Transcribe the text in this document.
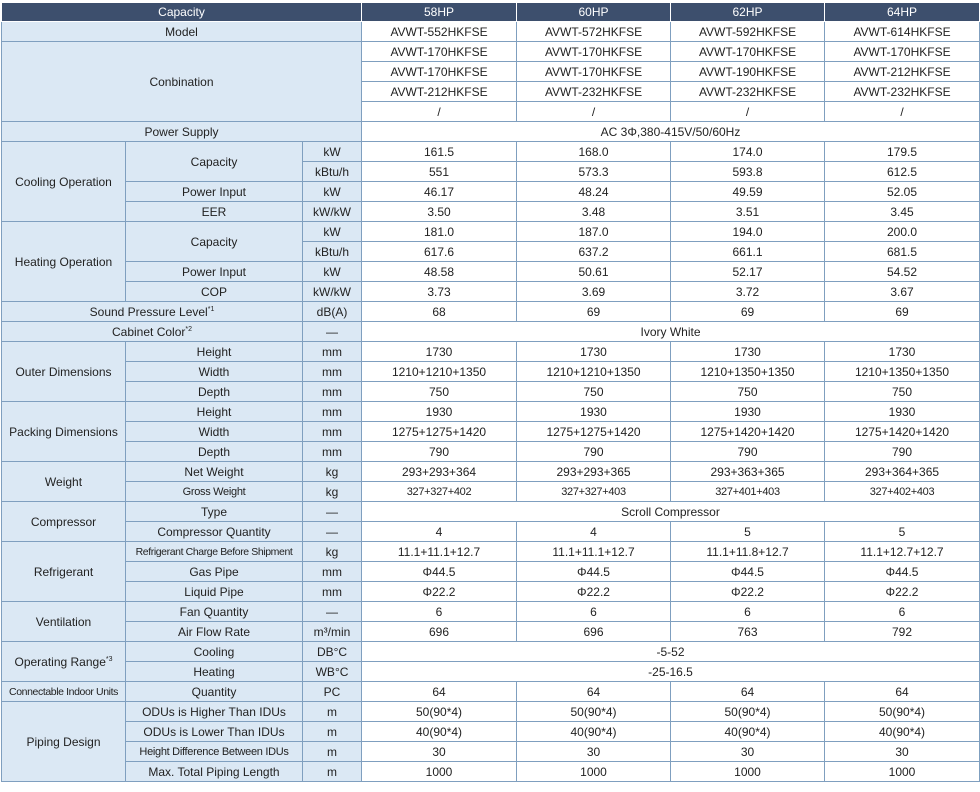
Capacity			58HP	60HP	62HP	64HP
Model			AVWT-552HKFSE	AVWT-572HKFSE	AVWT-592HKFSE	AVWT-614HKFSE
Conbination			AVWT-170HKFSE	AVWT-170HKFSE	AVWT-170HKFSE	AVWT-170HKFSE
			AVWT-170HKFSE	AVWT-170HKFSE	AVWT-190HKFSE	AVWT-212HKFSE
			AVWT-212HKFSE	AVWT-232HKFSE	AVWT-232HKFSE	AVWT-232HKFSE
			/	/	/	/
Power Supply			AC 3Φ,380-415V/50/60Hz			
Cooling Operation	Capacity	kW	161.5	168.0	174.0	179.5
		kBtu/h	551	573.3	593.8	612.5
	Power Input	kW	46.17	48.24	49.59	52.05
	EER	kW/kW	3.50	3.48	3.51	3.45
Heating Operation	Capacity	kW	181.0	187.0	194.0	200.0
		kBtu/h	617.6	637.2	661.1	681.5
	Power Input	kW	48.58	50.61	52.17	54.52
	COP	kW/kW	3.73	3.69	3.72	3.67
Sound Pressure Level$^{*1}$		dB(A)	68	69	69	69
Cabinet Color$^{*2}$		—	Ivory White			
Outer Dimensions	Height	mm	1730	1730	1730	1730
	Width	mm	1210+1210+1350	1210+1210+1350	1210+1350+1350	1210+1350+1350
	Depth	mm	750	750	750	750
Packing Dimensions	Height	mm	1930	1930	1930	1930
	Width	mm	1275+1275+1420	1275+1275+1420	1275+1420+1420	1275+1420+1420
	Depth	mm	790	790	790	790
Weight	Net Weight	kg	293+293+364	293+293+365	293+363+365	293+364+365
	Gross Weight	kg	327+327+402	327+327+403	327+401+403	327+402+403
Compressor	Type	—	Scroll Compressor			
	Compressor Quantity	—	4	4	5	5
Refrigerant	Refrigerant Charge Before Shipment	kg	11.1+11.1+12.7	11.1+11.1+12.7	11.1+11.8+12.7	11.1+12.7+12.7
	Gas Pipe	mm	Φ44.5	Φ44.5	Φ44.5	Φ44.5
	Liquid Pipe	mm	Φ22.2	Φ22.2	Φ22.2	Φ22.2
Ventilation	Fan Quantity	—	6	6	6	6
	Air Flow Rate	m³/min	696	696	763	792
Operating Range$^{*3}$	Cooling	DB°C	-5-52			
	Heating	WB°C	-25-16.5			
Connectable Indoor Units	Quantity	PC	64	64	64	64
Piping Design	ODUs is Higher Than IDUs	m	50(90*4)	50(90*4)	50(90*4)	50(90*4)
	ODUs is Lower Than IDUs	m	40(90*4)	40(90*4)	40(90*4)	40(90*4)
	Height Difference Between IDUs	m	30	30	30	30
	Max. Total Piping Length	m	1000	1000	1000	1000
